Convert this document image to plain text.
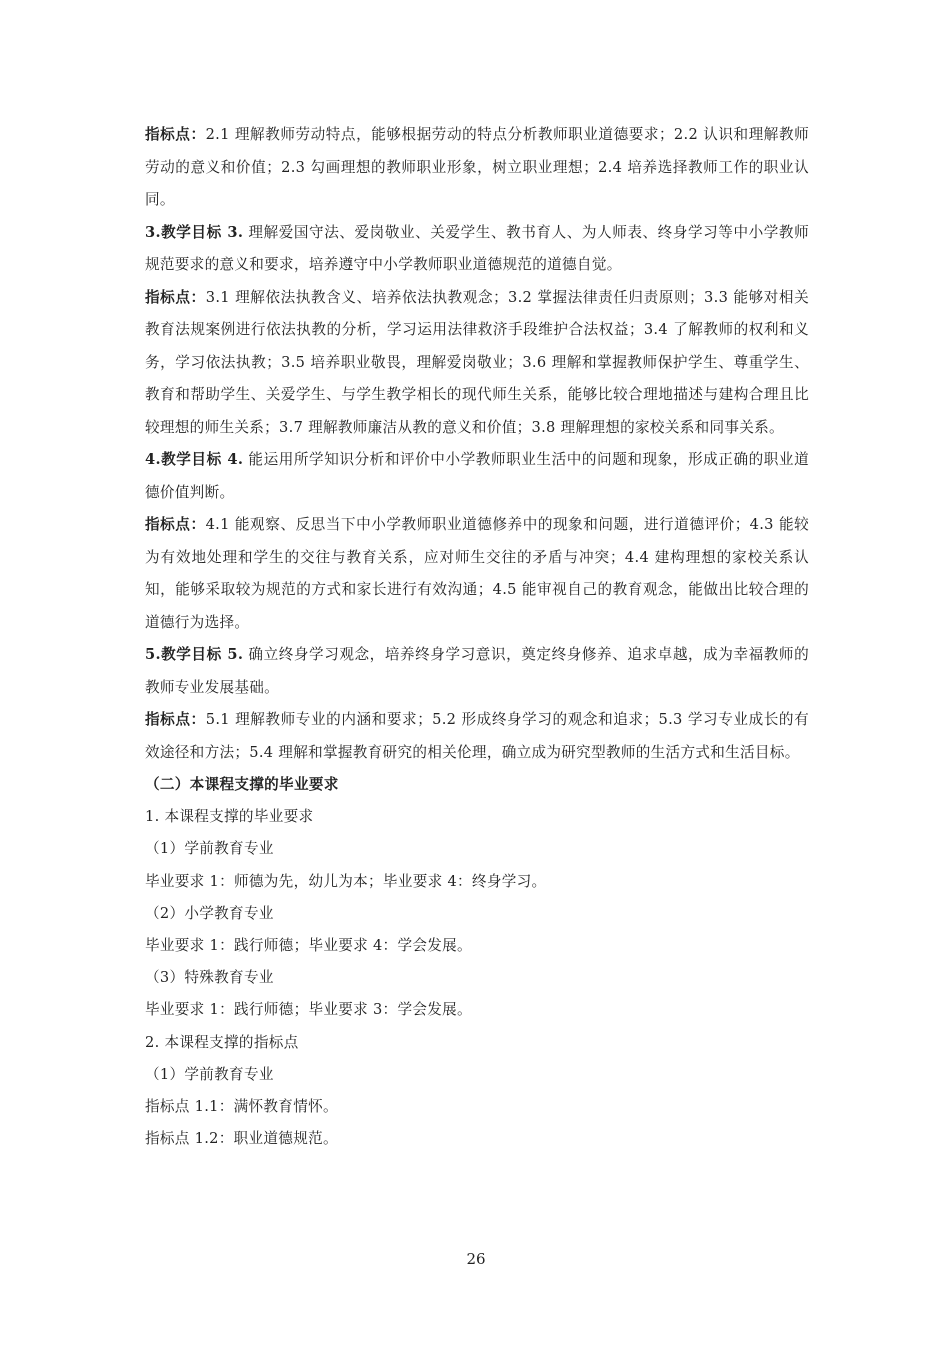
指标点：2.1 理解教师劳动特点，能够根据劳动的特点分析教师职业道德要求；2.2 认识和理解教师劳动的意义和价值；2.3 勾画理想的教师职业形象，树立职业理想；2.4 培养选择教师工作的职业认同。

3.教学目标 3. 理解爱国守法、爱岗敬业、关爱学生、教书育人、为人师表、终身学习等中小学教师规范要求的意义和要求，培养遵守中小学教师职业道德规范的道德自觉。

指标点：3.1 理解依法执教含义、培养依法执教观念；3.2 掌握法律责任归责原则；3.3 能够对相关教育法规案例进行依法执教的分析，学习运用法律救济手段维护合法权益；3.4 了解教师的权利和义务，学习依法执教；3.5 培养职业敬畏，理解爱岗敬业；3.6 理解和掌握教师保护学生、尊重学生、教育和帮助学生、关爱学生、与学生教学相长的现代师生关系，能够比较合理地描述与建构合理且比较理想的师生关系；3.7 理解教师廉洁从教的意义和价值；3.8 理解理想的家校关系和同事关系。

4.教学目标 4. 能运用所学知识分析和评价中小学教师职业生活中的问题和现象，形成正确的职业道德价值判断。

指标点：4.1 能观察、反思当下中小学教师职业道德修养中的现象和问题，进行道德评价；4.3 能较为有效地处理和学生的交往与教育关系，应对师生交往的矛盾与冲突；4.4 建构理想的家校关系认知，能够采取较为规范的方式和家长进行有效沟通；4.5 能审视自己的教育观念，能做出比较合理的道德行为选择。

5.教学目标 5. 确立终身学习观念，培养终身学习意识，奠定终身修养、追求卓越，成为幸福教师的教师专业发展基础。

指标点：5.1 理解教师专业的内涵和要求；5.2 形成终身学习的观念和追求；5.3 学习专业成长的有效途径和方法；5.4 理解和掌握教育研究的相关伦理，确立成为研究型教师的生活方式和生活目标。

（二）本课程支撑的毕业要求

1. 本课程支撑的毕业要求

（1）学前教育专业

毕业要求 1：师德为先，幼儿为本；毕业要求 4：终身学习。

（2）小学教育专业

毕业要求 1：践行师德；毕业要求 4：学会发展。

（3）特殊教育专业

毕业要求 1：践行师德；毕业要求 3：学会发展。

2. 本课程支撑的指标点

（1）学前教育专业

指标点 1.1：满怀教育情怀。

指标点 1.2：职业道德规范。

26
